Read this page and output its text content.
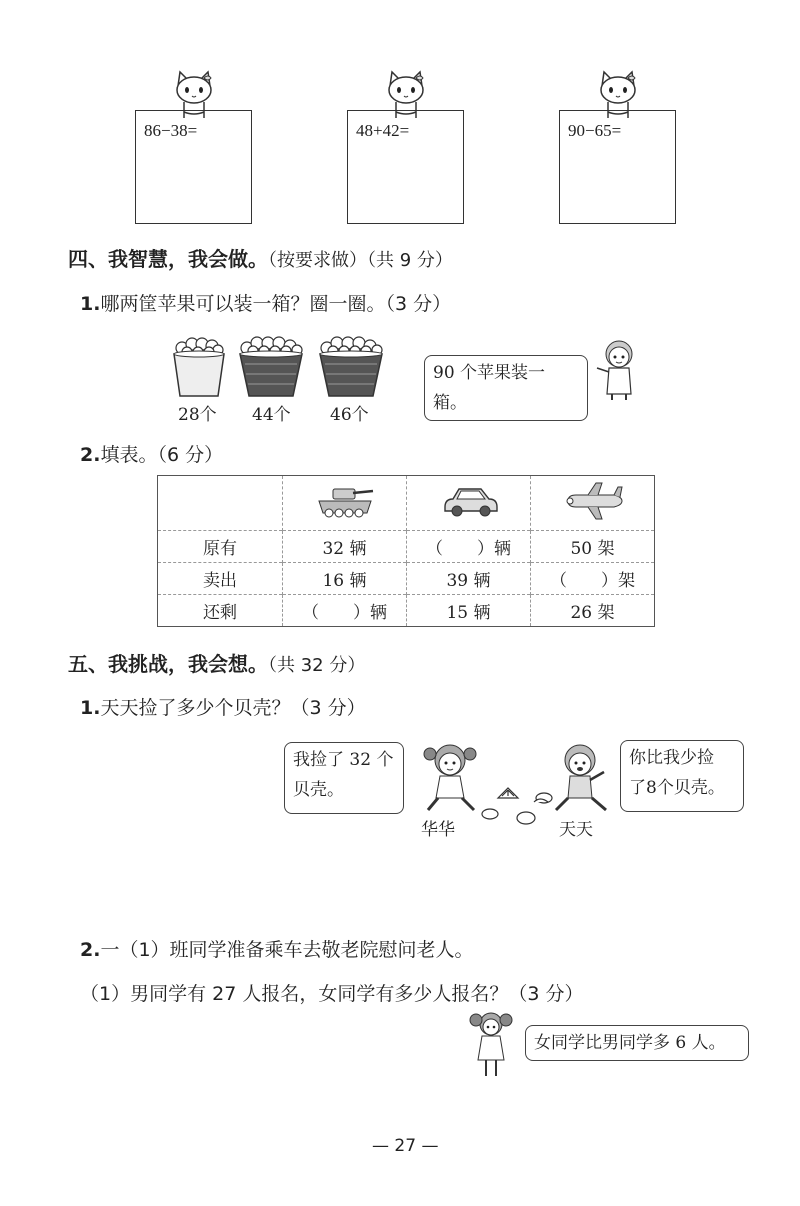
86−38=	48+42=	90−65=
四、我智慧，我会做。（按要求做）（共 9 分）
1.哪两筐苹果可以装一箱？圈一圈。（3 分）
28个 44个 46个
90 个苹果装一箱。
2.填表。（6 分）

原有	32 辆	（　　）辆	50 架
卖出	16 辆	39 辆	（　　）架
还剩	（　　）辆	15 辆	26 架
五、我挑战，我会想。（共 32 分）
1.天天捡了多少个贝壳？（3 分）
我捡了 32 个
贝壳。
你比我少捡
了8个贝壳。
华华	天天
2.一（1）班同学准备乘车去敬老院慰问老人。
（1）男同学有 27 人报名，女同学有多少人报名？（3 分）
女同学比男同学多 6 人。
— 27 —
